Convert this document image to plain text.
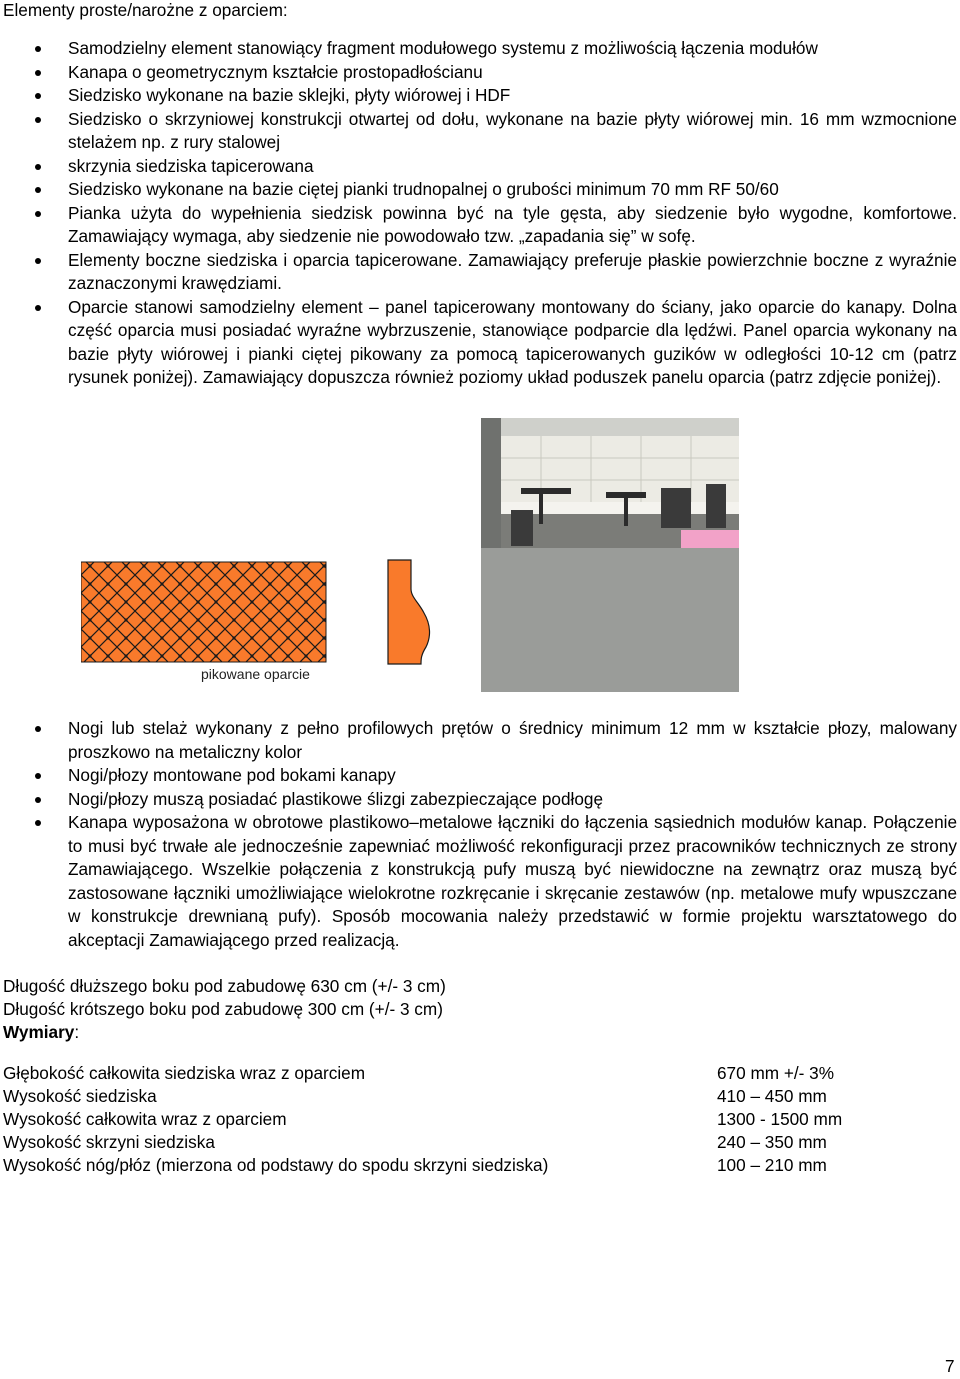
Elementy proste/narożne z oparciem:
Samodzielny element stanowiący fragment modułowego systemu z możliwością łączenia modułów
Kanapa o geometrycznym kształcie prostopadłościanu
Siedzisko wykonane na bazie sklejki, płyty wiórowej i HDF
Siedzisko o skrzyniowej konstrukcji otwartej od dołu, wykonane na bazie płyty wiórowej min. 16 mm wzmocnione stelażem np. z rury stalowej
skrzynia siedziska tapicerowana
Siedzisko wykonane na bazie ciętej pianki trudnopalnej o grubości minimum 70 mm RF 50/60
Pianka użyta do wypełnienia siedzisk powinna być na tyle gęsta, aby siedzenie było wygodne, komfortowe. Zamawiający wymaga, aby siedzenie nie powodowało tzw. „zapadania się” w sofę.
Elementy boczne siedziska i oparcia tapicerowane. Zamawiający preferuje płaskie powierzchnie boczne z wyraźnie zaznaczonymi krawędziami.
Oparcie stanowi samodzielny element – panel tapicerowany montowany do ściany, jako oparcie do kanapy. Dolna część oparcia musi posiadać wyraźne wybrzuszenie, stanowiące podparcie dla lędźwi. Panel oparcia wykonany na bazie płyty wiórowej i pianki ciętej pikowany za pomocą tapicerowanych guzików w odległości 10-12 cm (patrz rysunek poniżej). Zamawiający dopuszcza również poziomy układ poduszek panelu oparcia (patrz zdjęcie poniżej).
pikowane oparcie
Nogi lub stelaż wykonany z pełno profilowych prętów o średnicy minimum 12 mm w kształcie płozy, malowany proszkowo na metaliczny kolor
Nogi/płozy montowane pod bokami kanapy
Nogi/płozy muszą posiadać plastikowe ślizgi zabezpieczające podłogę
Kanapa wyposażona w obrotowe plastikowo–metalowe łączniki do łączenia sąsiednich modułów kanap. Połączenie to musi być trwałe ale jednocześnie zapewniać możliwość rekonfiguracji przez pracowników technicznych ze strony Zamawiającego. Wszelkie połączenia z konstrukcją pufy muszą być niewidoczne na zewnątrz oraz muszą być zastosowane łączniki umożliwiające wielokrotne rozkręcanie i skręcanie zestawów (np. metalowe mufy wpuszczane w konstrukcje drewnianą pufy). Sposób mocowania należy przedstawić w formie projektu warsztatowego do akceptacji Zamawiającego przed realizacją.
Długość dłuższego boku pod zabudowę 630 cm (+/- 3 cm)
Długość krótszego boku pod zabudowę 300 cm (+/- 3 cm)
Wymiary:
Głębokość całkowita siedziska wraz z oparciem	670 mm +/- 3%
Wysokość siedziska	410 – 450 mm
Wysokość całkowita wraz z oparciem	1300 - 1500 mm
Wysokość skrzyni siedziska	240 – 350 mm
Wysokość nóg/płóz (mierzona od podstawy do spodu skrzyni siedziska)	100 – 210 mm
7
